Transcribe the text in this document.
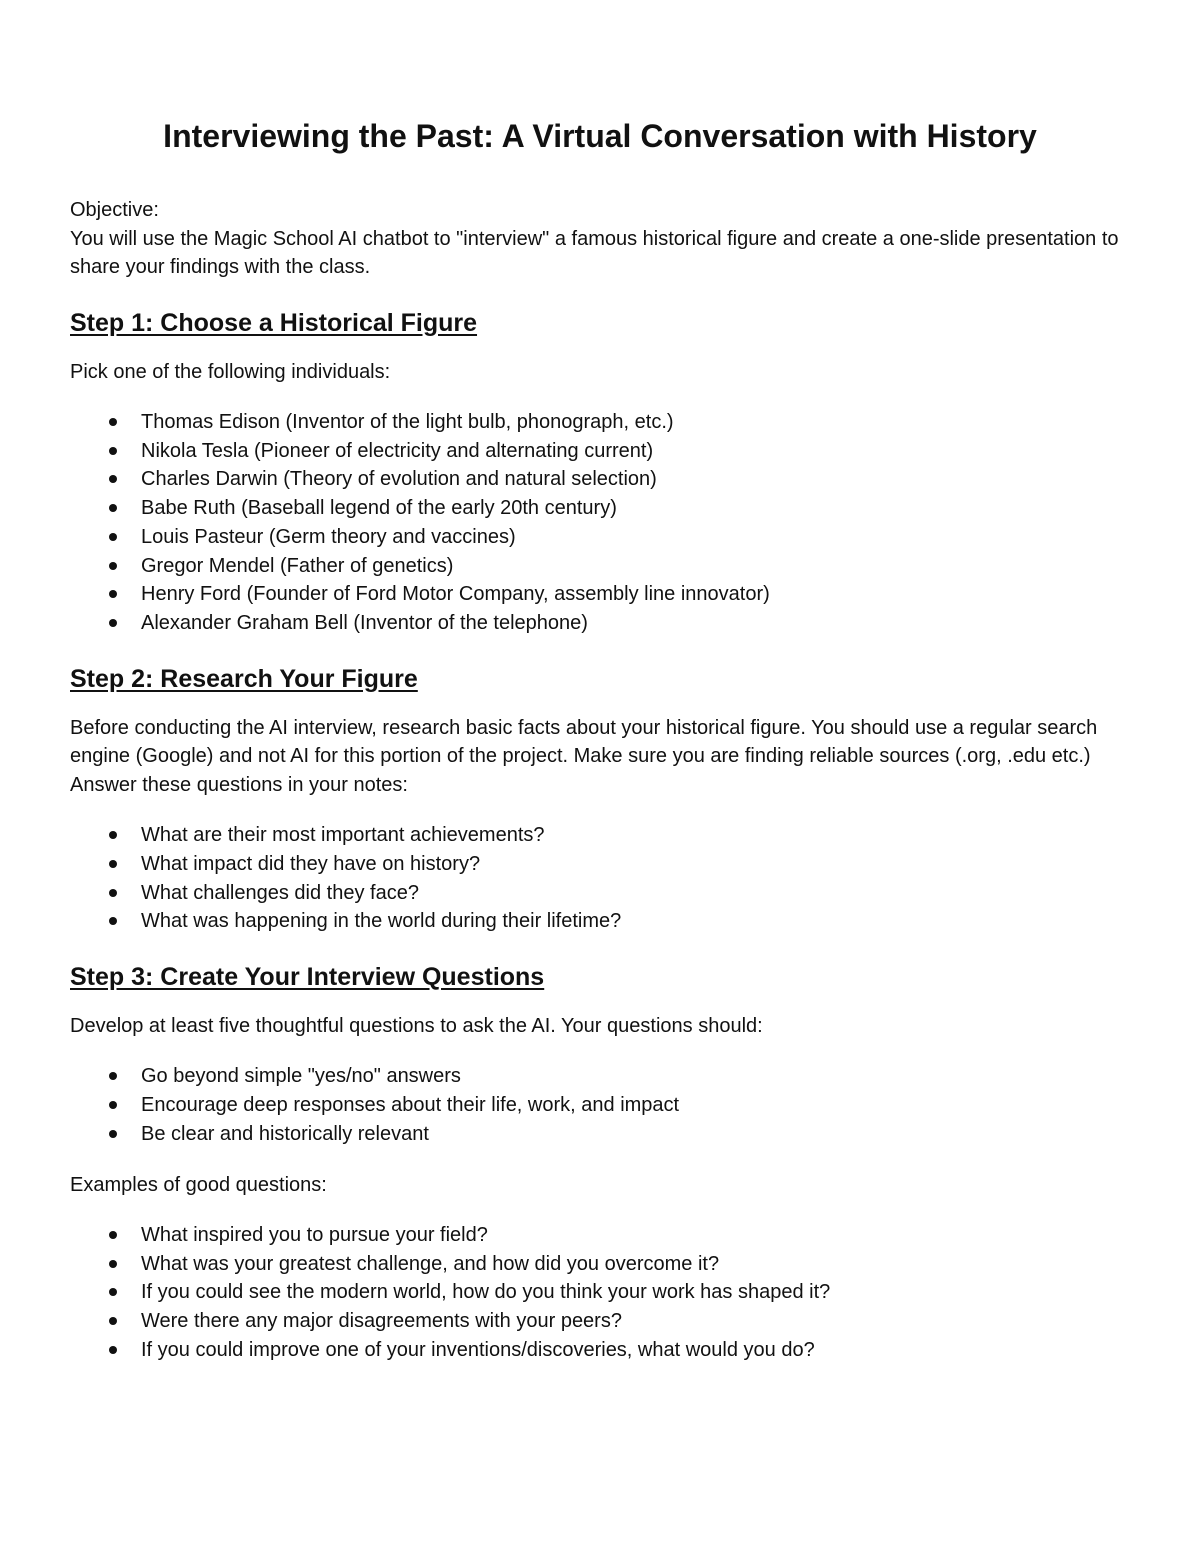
Interviewing the Past: A Virtual Conversation with History

Objective:

You will use the Magic School AI chatbot to "interview" a famous historical figure and create a one-slide presentation to share your findings with the class.

Step 1: Choose a Historical Figure

Pick one of the following individuals:

Thomas Edison (Inventor of the light bulb, phonograph, etc.)
Nikola Tesla (Pioneer of electricity and alternating current)
Charles Darwin (Theory of evolution and natural selection)
Babe Ruth (Baseball legend of the early 20th century)
Louis Pasteur (Germ theory and vaccines)
Gregor Mendel (Father of genetics)
Henry Ford (Founder of Ford Motor Company, assembly line innovator)
Alexander Graham Bell (Inventor of the telephone)
Step 2: Research Your Figure

Before conducting the AI interview, research basic facts about your historical figure. You should use a regular search engine (Google) and not AI for this portion of the project. Make sure you are finding reliable sources (.org, .edu etc.) Answer these questions in your notes:

What are their most important achievements?
What impact did they have on history?
What challenges did they face?
What was happening in the world during their lifetime?
Step 3: Create Your Interview Questions

Develop at least five thoughtful questions to ask the AI. Your questions should:

Go beyond simple "yes/no" answers
Encourage deep responses about their life, work, and impact
Be clear and historically relevant

Examples of good questions:

What inspired you to pursue your field?
What was your greatest challenge, and how did you overcome it?
If you could see the modern world, how do you think your work has shaped it?
Were there any major disagreements with your peers?
If you could improve one of your inventions/discoveries, what would you do?
